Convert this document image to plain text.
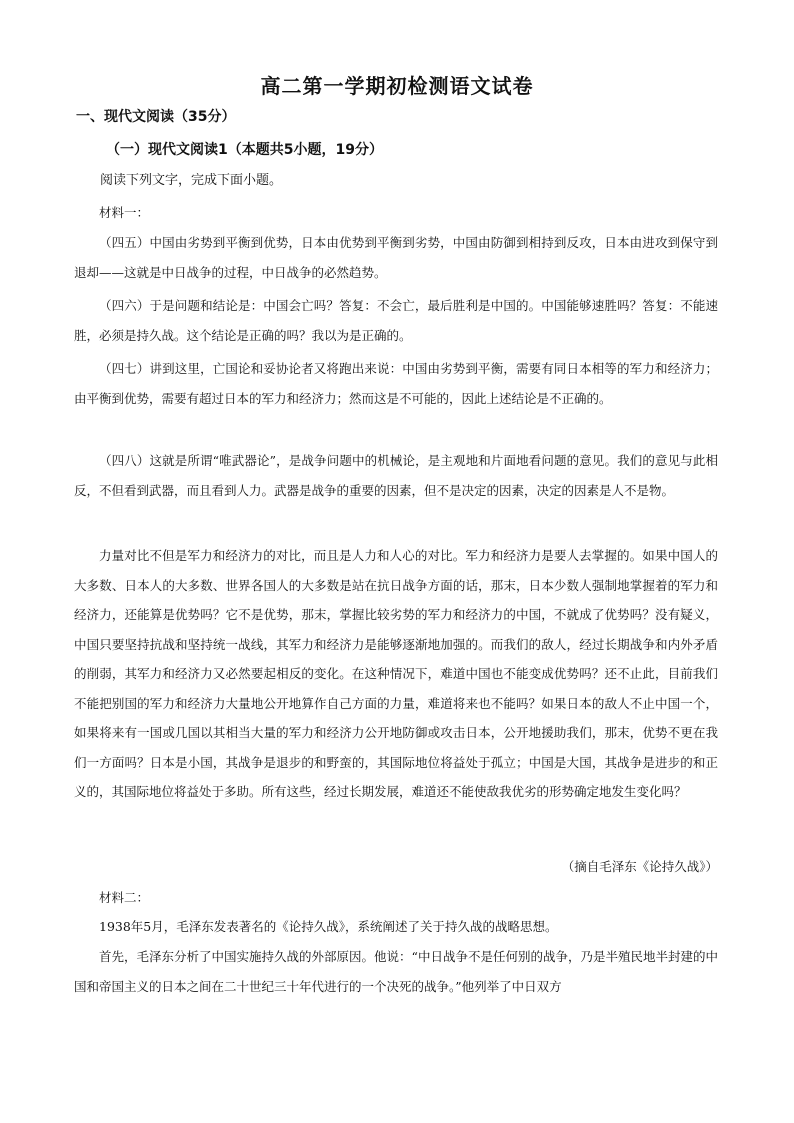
高二第一学期初检测语文试卷
一、现代文阅读（35分）
（一）现代文阅读1（本题共5小题，19分）

阅读下列文字，完成下面小题。

材料一：

（四五）中国由劣势到平衡到优势，日本由优势到平衡到劣势，中国由防御到相持到反攻，日本由进攻到保守到退却——这就是中日战争的过程，中日战争的必然趋势。

（四六）于是问题和结论是：中国会亡吗？答复：不会亡，最后胜利是中国的。中国能够速胜吗？答复：不能速胜，必须是持久战。这个结论是正确的吗？我以为是正确的。

（四七）讲到这里，亡国论和妥协论者又将跑出来说：中国由劣势到平衡，需要有同日本相等的军力和经济力；由平衡到优势，需要有超过日本的军力和经济力；然而这是不可能的，因此上述结论是不正确的。

（四八）这就是所谓“唯武器论”，是战争问题中的机械论，是主观地和片面地看问题的意见。我们的意见与此相反，不但看到武器，而且看到人力。武器是战争的重要的因素，但不是决定的因素，决定的因素是人不是物。

力量对比不但是军力和经济力的对比，而且是人力和人心的对比。军力和经济力是要人去掌握的。如果中国人的大多数、日本人的大多数、世界各国人的大多数是站在抗日战争方面的话，那末，日本少数人强制地掌握着的军力和经济力，还能算是优势吗？它不是优势，那末，掌握比较劣势的军力和经济力的中国，不就成了优势吗？没有疑义，中国只要坚持抗战和坚持统一战线，其军力和经济力是能够逐渐地加强的。而我们的敌人，经过长期战争和内外矛盾的削弱，其军力和经济力又必然要起相反的变化。在这种情况下，难道中国也不能变成优势吗？还不止此，目前我们不能把别国的军力和经济力大量地公开地算作自己方面的力量，难道将来也不能吗？如果日本的敌人不止中国一个，如果将来有一国或几国以其相当大量的军力和经济力公开地防御或攻击日本，公开地援助我们，那末，优势不更在我们一方面吗？日本是小国，其战争是退步的和野蛮的，其国际地位将益处于孤立；中国是大国，其战争是进步的和正义的，其国际地位将益处于多助。所有这些，经过长期发展，难道还不能使敌我优劣的形势确定地发生变化吗？

（摘自毛泽东《论持久战》）

材料二：

1938年5月，毛泽东发表著名的《论持久战》，系统阐述了关于持久战的战略思想。

首先，毛泽东分析了中国实施持久战的外部原因。他说：“中日战争不是任何别的战争，乃是半殖民地半封建的中国和帝国主义的日本之间在二十世纪三十年代进行的一个决死的战争。”他列举了中日双方
